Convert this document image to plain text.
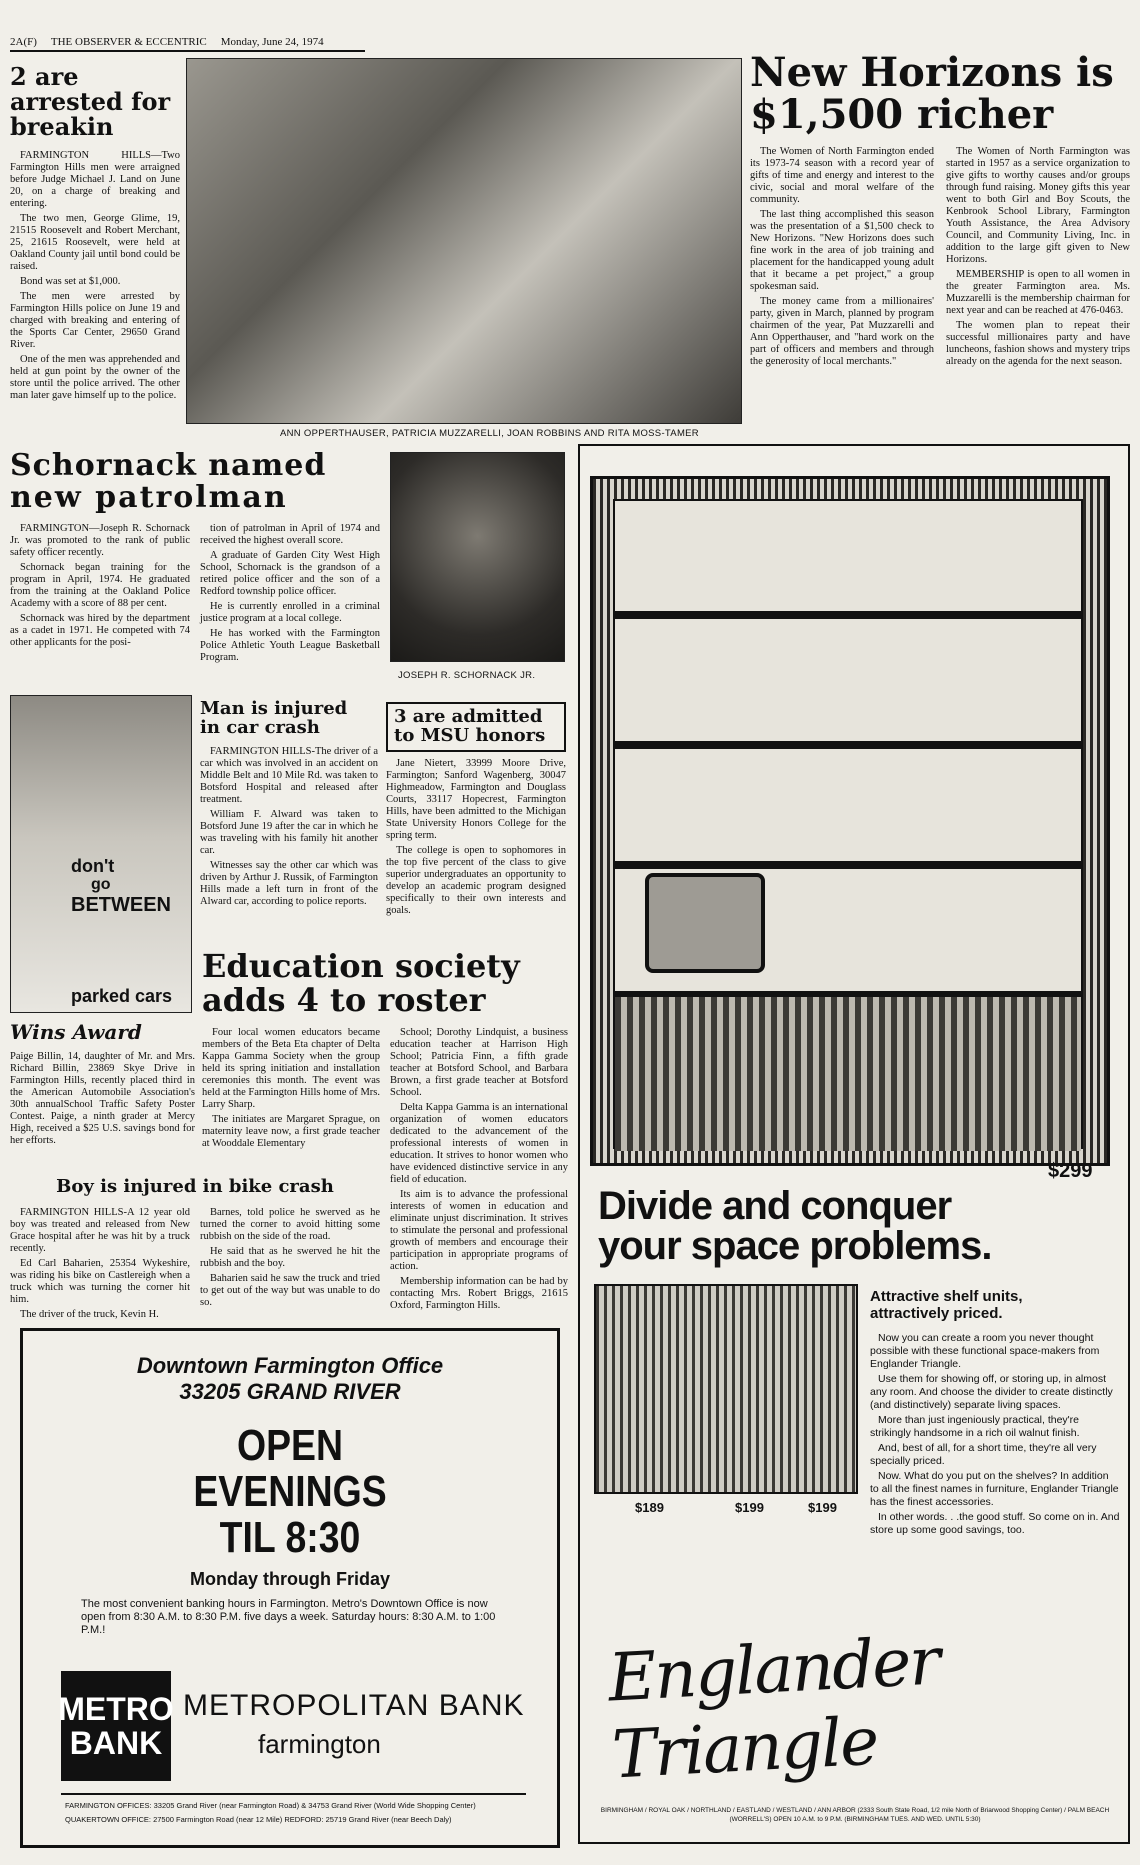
2A(F) THE OBSERVER & ECCENTRIC Monday, June 24, 1974
2 are arrested for breakin

FARMINGTON HILLS—Two Farmington Hills men were arraigned before Judge Michael J. Land on June 20, on a charge of breaking and entering.

The two men, George Glime, 19, 21515 Roosevelt and Robert Merchant, 25, 21615 Roosevelt, were held at Oakland County jail until bond could be raised.

Bond was set at $1,000.

The men were arrested by Farmington Hills police on June 19 and charged with breaking and entering of the Sports Car Center, 29650 Grand River.

One of the men was apprehended and held at gun point by the owner of the store until the police arrived. The other man later gave himself up to the police.

ANN OPPERTHAUSER, PATRICIA MUZZARELLI, JOAN ROBBINS AND RITA MOSS-TAMER
New Horizons is
$1,500 richer

The Women of North Farmington ended its 1973-74 season with a record year of gifts of time and energy and interest to the civic, social and moral welfare of the community.

The last thing accomplished this season was the presentation of a $1,500 check to New Horizons. "New Horizons does such fine work in the area of job training and placement for the handicapped young adult that it became a pet project," a group spokesman said.

The money came from a millionaires' party, given in March, planned by program chairmen of the year, Pat Muzzarelli and Ann Opperthauser, and "hard work on the part of officers and members and through the generosity of local merchants."

The Women of North Farmington was started in 1957 as a service organization to give gifts to worthy causes and/or groups through fund raising. Money gifts this year went to both Girl and Boy Scouts, the Kenbrook School Library, Farmington Youth Assistance, the Area Advisory Council, and Community Living, Inc. in addition to the large gift given to New Horizons.

MEMBERSHIP is open to all women in the greater Farmington area. Ms. Muzzarelli is the membership chairman for next year and can be reached at 476-0463.

The women plan to repeat their successful millionaires party and have luncheons, fashion shows and mystery trips already on the agenda for the next season.

Schornack named
new patrolman

FARMINGTON—Joseph R. Schornack Jr. was promoted to the rank of public safety officer recently.

Schornack began training for the program in April, 1974. He graduated from the training at the Oakland Police Academy with a score of 88 per cent.

Schornack was hired by the department as a cadet in 1971. He competed with 74 other applicants for the posi-

tion of patrolman in April of 1974 and received the highest overall score.

A graduate of Garden City West High School, Schornack is the grandson of a retired police officer and the son of a Redford township police officer.

He is currently enrolled in a criminal justice program at a local college.

He has worked with the Farmington Police Athletic Youth League Basketball Program.

JOSEPH R. SCHORNACK JR.
don't
go
BETWEEN
parked cars
Wins Award
Paige Billin, 14, daughter of Mr. and Mrs. Richard Billin, 23869 Skye Drive in Farmington Hills, recently placed third in the American Automobile Association's 30th annualSchool Traffic Safety Poster Contest. Paige, a ninth grader at Mercy High, received a $25 U.S. savings bond for her efforts.
Man is injured
in car crash

FARMINGTON HILLS-The driver of a car which was involved in an accident on Middle Belt and 10 Mile Rd. was taken to Botsford Hospital and released after treatment.

William F. Alward was taken to Botsford June 19 after the car in which he was traveling with his family hit another car.

Witnesses say the other car which was driven by Arthur J. Russik, of Farmington Hills made a left turn in front of the Alward car, according to police reports.

3 are admitted
to MSU honors

Jane Nietert, 33999 Moore Drive, Farmington; Sanford Wagenberg, 30047 Highmeadow, Farmington and Douglass Courts, 33117 Hopecrest, Farmington Hills, have been admitted to the Michigan State University Honors College for the spring term.

The college is open to sophomores in the top five percent of the class to give superior undergraduates an opportunity to develop an academic program designed specifically to their own interests and goals.

Education society
adds 4 to roster

Four local women educators became members of the Beta Eta chapter of Delta Kappa Gamma Society when the group held its spring initiation and installation ceremonies this month. The event was held at the Farmington Hills home of Mrs. Larry Sharp.

The initiates are Margaret Sprague, on maternity leave now, a first grade teacher at Wooddale Elementary

School; Dorothy Lindquist, a business education teacher at Harrison High School; Patricia Finn, a fifth grade teacher at Botsford School, and Barbara Brown, a first grade teacher at Botsford School.

Delta Kappa Gamma is an international organization of women educators dedicated to the advancement of the professional interests of women in education. It strives to honor women who have evidenced distinctive service in any field of education.

Its aim is to advance the professional interests of women in education and eliminate unjust discrimination. It strives to stimulate the personal and professional growth of members and encourage their participation in appropriate programs of action.

Membership information can be had by contacting Mrs. Robert Briggs, 21615 Oxford, Farmington Hills.

Boy is injured in bike crash

FARMINGTON HILLS-A 12 year old boy was treated and released from New Grace hospital after he was hit by a truck recently.

Ed Carl Baharien, 25354 Wykeshire, was riding his bike on Castlereigh when a truck which was turning the corner hit him.

The driver of the truck, Kevin H.

Barnes, told police he swerved as he turned the corner to avoid hitting some rubbish on the side of the road.

He said that as he swerved he hit the rubbish and the boy.

Baharien said he saw the truck and tried to get out of the way but was unable to do so.

Downtown Farmington Office
33205 GRAND RIVER
OPEN
EVENINGS
TIL 8:30
Monday through Friday
The most convenient banking hours in Farmington. Metro's Downtown Office is now open from 8:30 A.M. to 8:30 P.M. five days a week. Saturday hours: 8:30 A.M. to 1:00 P.M.!
METRO
BANK
METROPOLITAN BANK
farmington
FARMINGTON OFFICES: 33205 Grand River (near Farmington Road) & 34753 Grand River (World Wide Shopping Center)
QUAKERTOWN OFFICE: 27500 Farmington Road (near 12 Mile) REDFORD: 25719 Grand River (near Beech Daly)
$299
Divide and conquer
your space problems.
$189	$199	$199
Attractive shelf units,
attractively priced.

Now you can create a room you never thought possible with these functional space-makers from Englander Triangle.

Use them for showing off, or storing up, in almost any room. And choose the divider to create distinctly (and distinctively) separate living spaces.

More than just ingeniously practical, they're strikingly handsome in a rich oil walnut finish.

And, best of all, for a short time, they're all very specially priced.

Now. What do you put on the shelves? In addition to all the finest names in furniture, Englander Triangle has the finest accessories.

In other words. . .the good stuff. So come on in. And store up some good savings, too.

Englander Triangle
BIRMINGHAM / ROYAL OAK / NORTHLAND / EASTLAND / WESTLAND / ANN ARBOR (2333 South State Road, 1/2 mile North of Briarwood Shopping Center) / PALM BEACH (WORRELL'S) OPEN 10 A.M. to 9 P.M. (BIRMINGHAM TUES. AND WED. UNTIL 5:30)
